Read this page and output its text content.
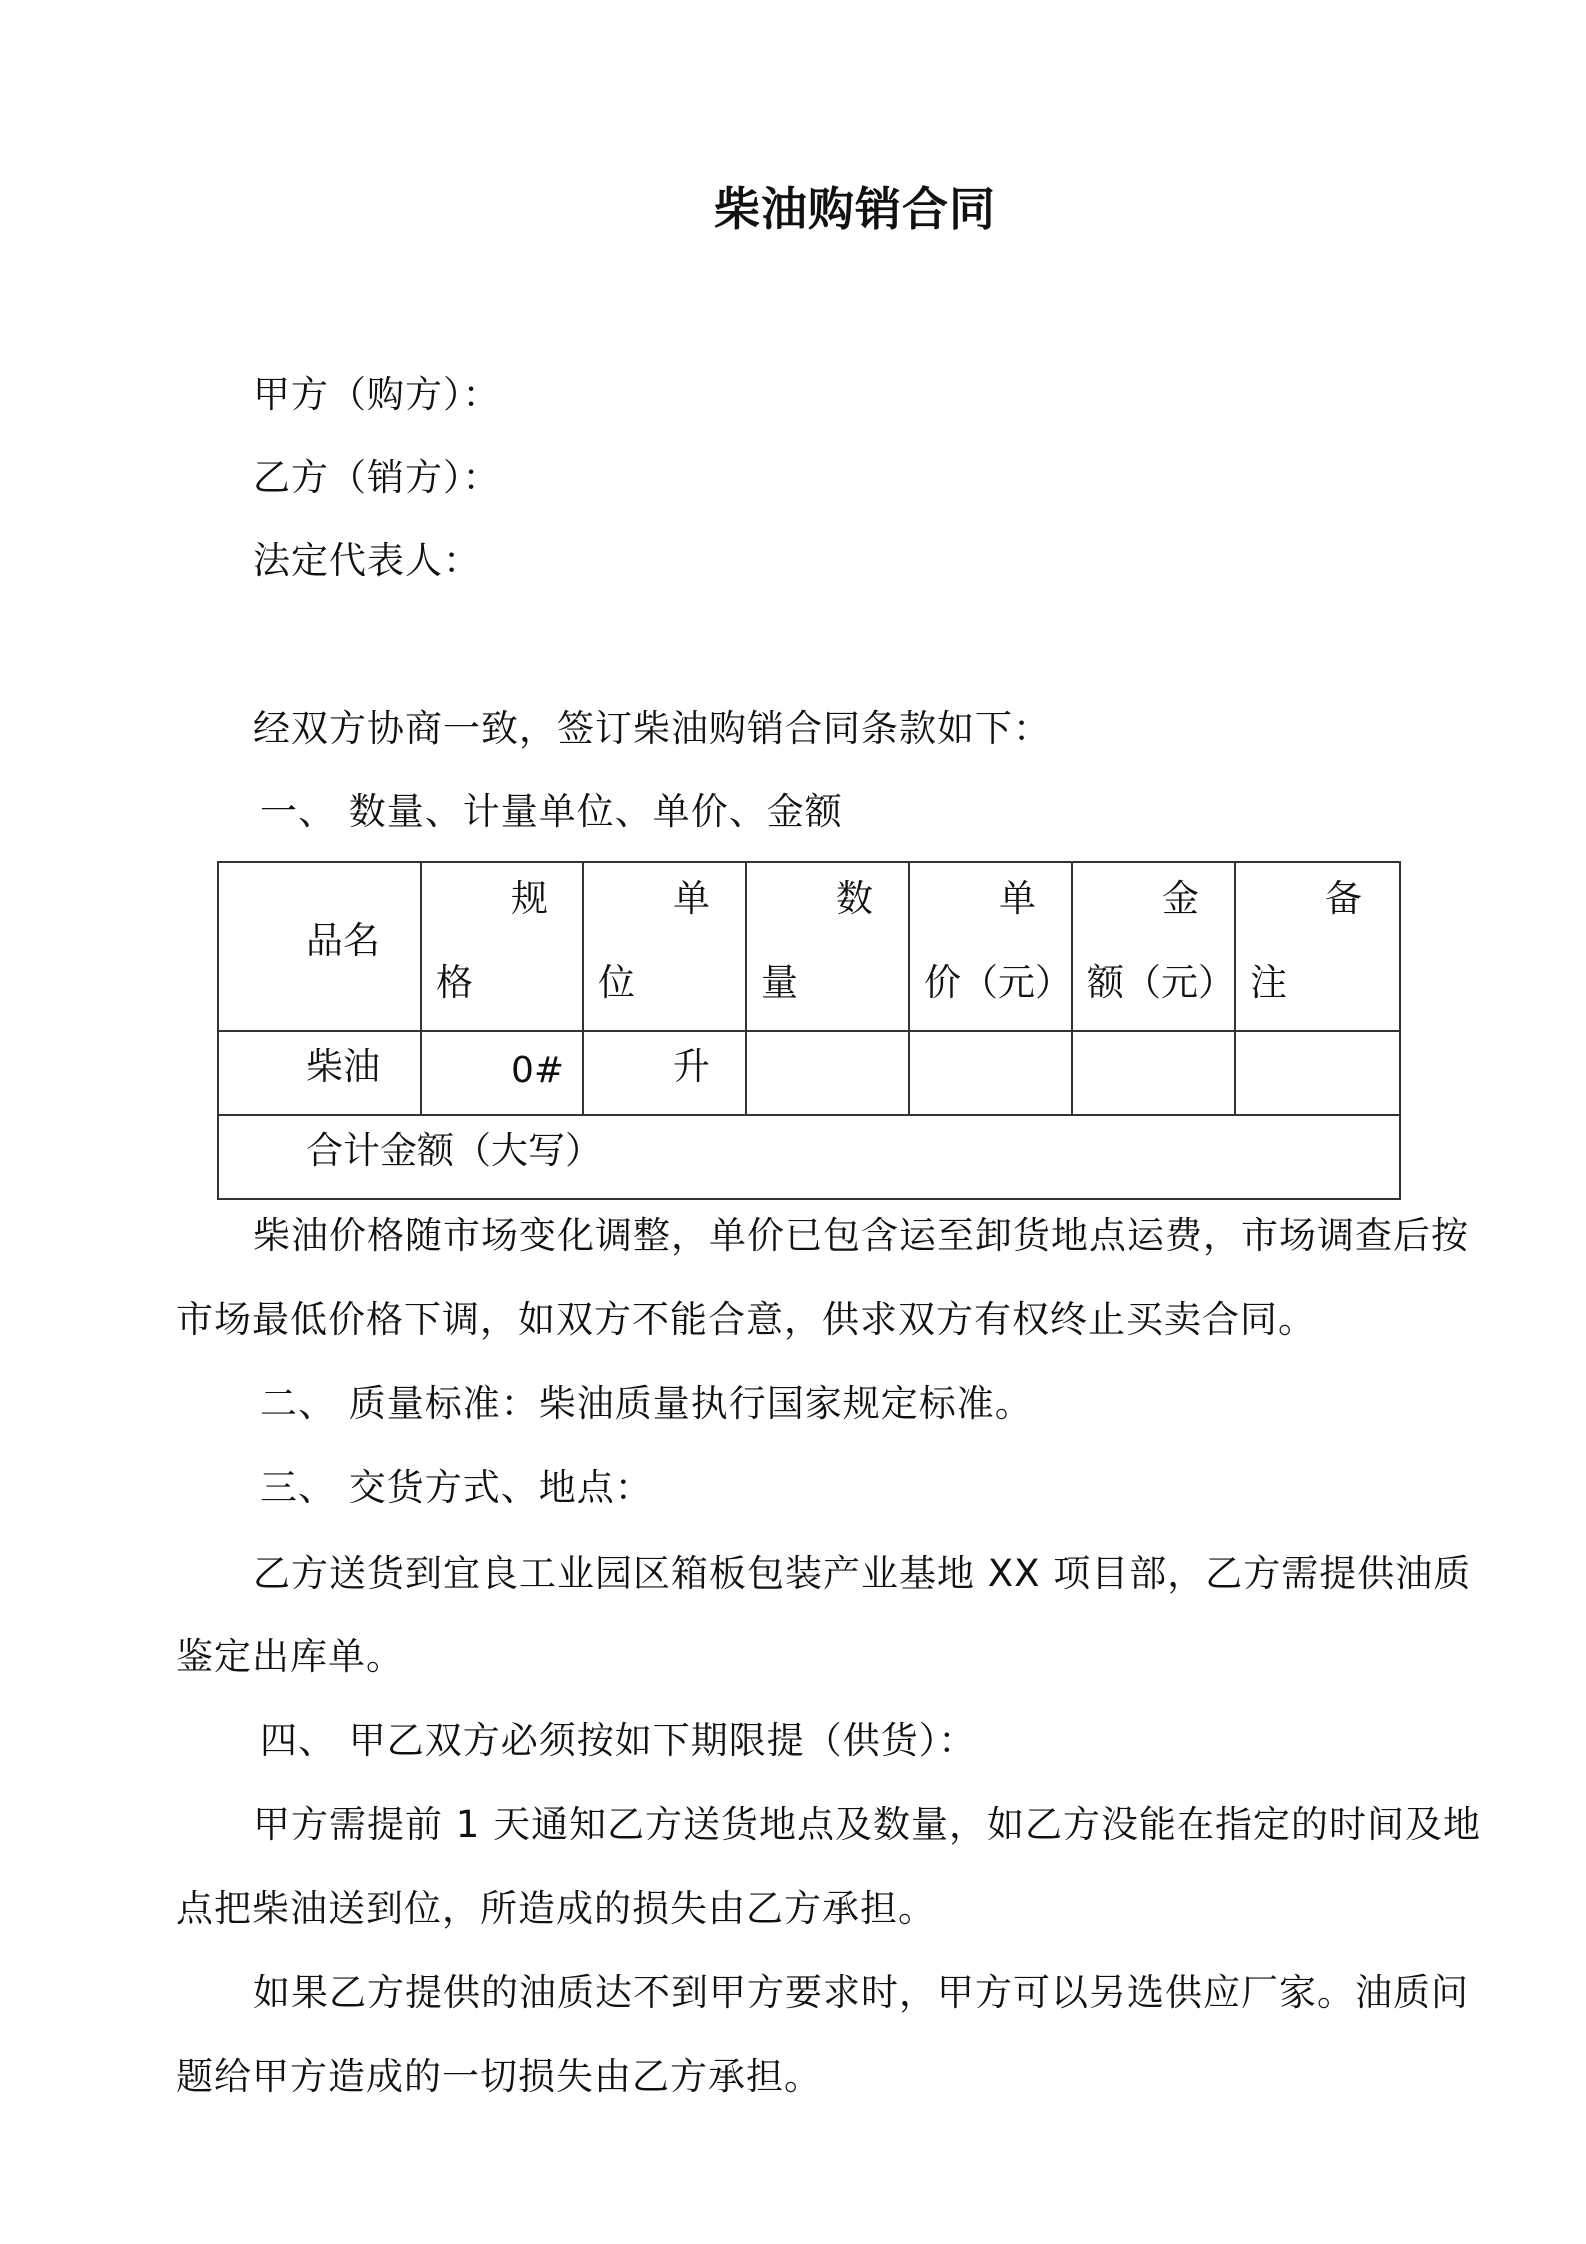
柴油购销合同
甲方（购方）：
乙方（销方）：
法定代表人：
经双方协商一致，签订柴油购销合同条款如下：
一、 数量、计量单位、单价、金额
品名
规
格
单
位
数
量
单
价（元）
金
额（元）
备
注
柴油	0#	升
合计金额（大写）
柴油价格随市场变化调整，单价已包含运至卸货地点运费，市场调查后按
市场最低价格下调，如双方不能合意，供求双方有权终止买卖合同。
二、 质量标准：柴油质量执行国家规定标准。
三、 交货方式、地点：
乙方送货到宜良工业园区箱板包装产业基地 XX 项目部，乙方需提供油质
鉴定出库单。
四、 甲乙双方必须按如下期限提（供货）：
甲方需提前 1 天通知乙方送货地点及数量，如乙方没能在指定的时间及地
点把柴油送到位，所造成的损失由乙方承担。
如果乙方提供的油质达不到甲方要求时，甲方可以另选供应厂家。油质问
题给甲方造成的一切损失由乙方承担。
